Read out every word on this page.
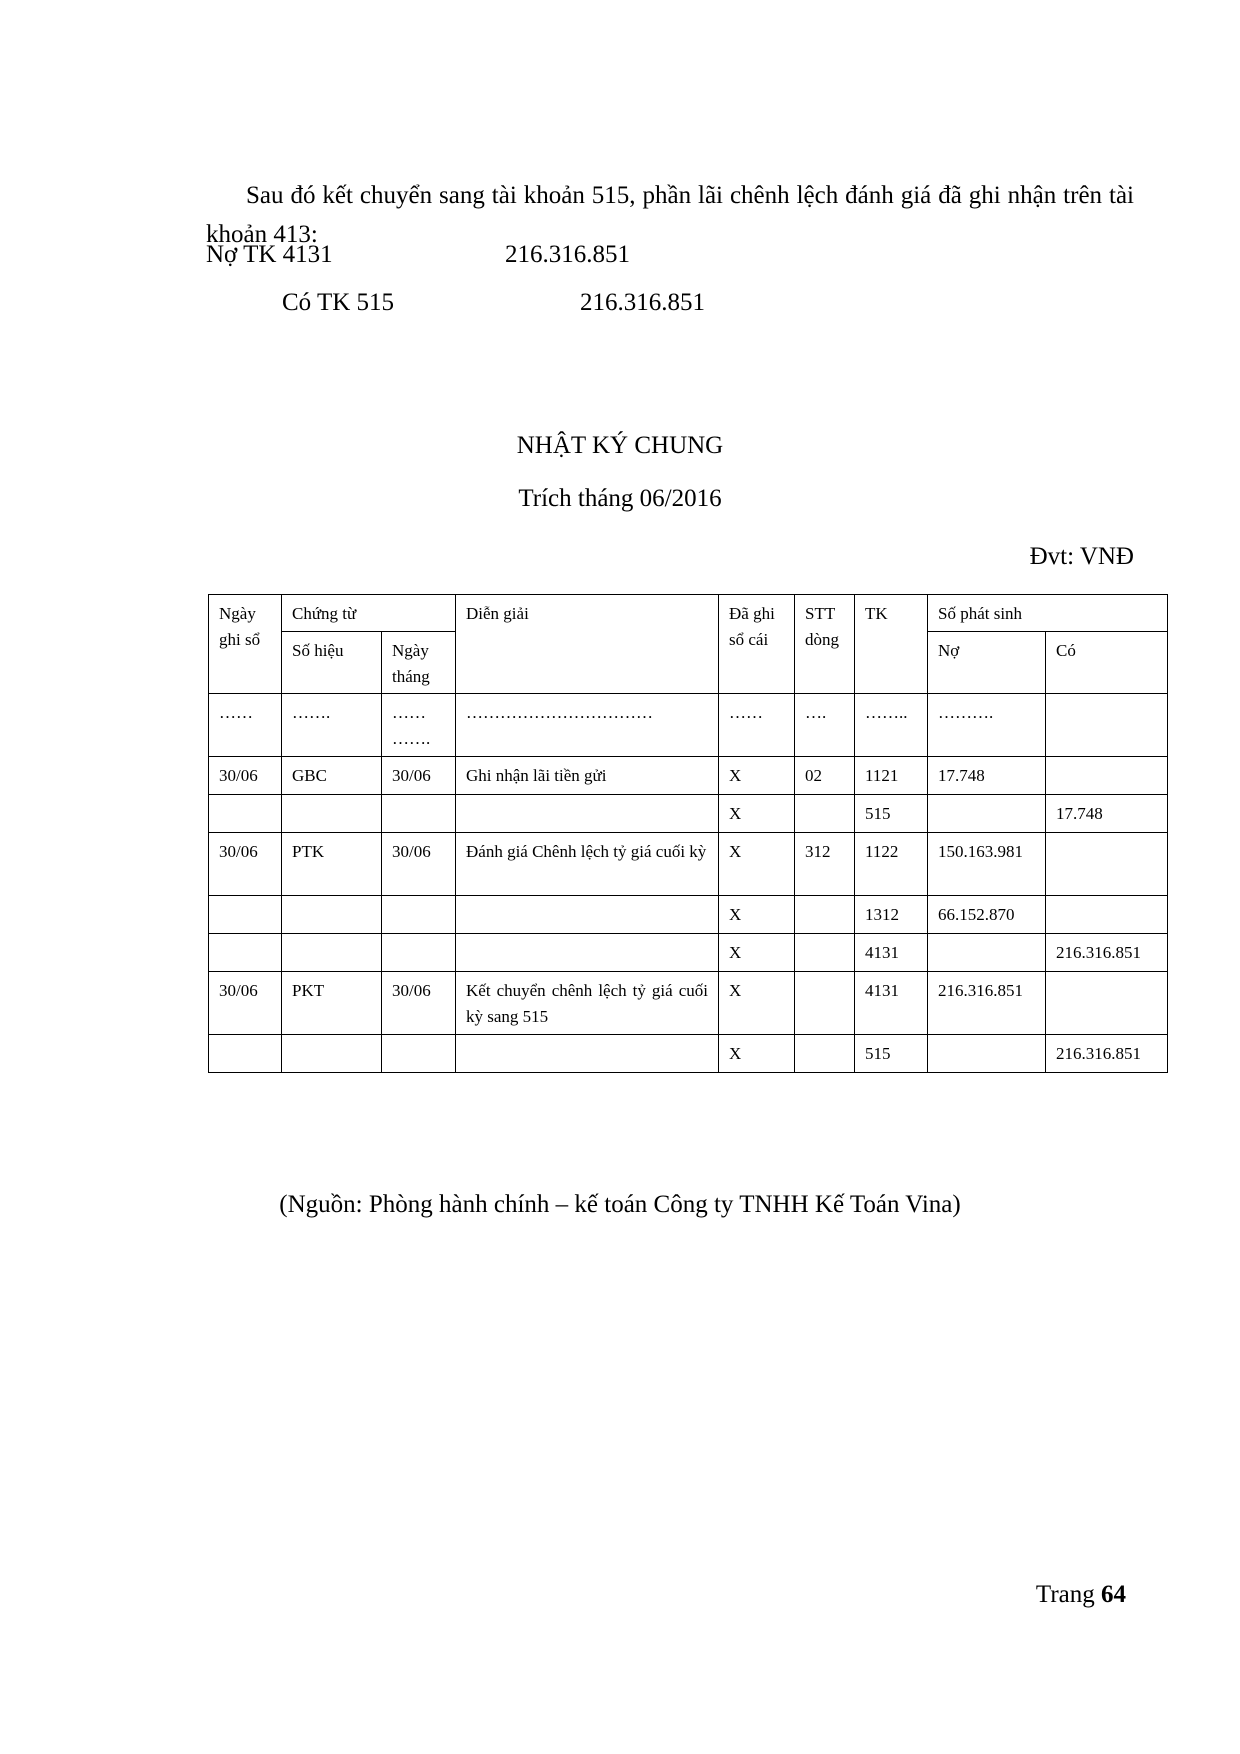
Sau đó kết chuyển sang tài khoản 515, phần lãi chênh lệch đánh giá đã ghi nhận trên tài khoản 413:

Nợ TK 4131	216.316.851
Có TK 515	216.316.851
NHẬT KÝ CHUNG
Trích tháng 06/2016
Đvt: VNĐ
Ngày ghi sổ	Chứng từ		Diễn giải	Đã ghi sổ cái	STT dòng	TK	Số phát sinh	
	Số hiệu	Ngày tháng					Nợ	Có
……	…….	…… …….	……………………………	……	….	……..	……….	
30/06	GBC	30/06	Ghi nhận lãi tiền gửi	X	02	1121	17.748	
				X		515		17.748
30/06	PTK	30/06	Đánh giá Chênh lệch tỷ giá cuối kỳ	X	312	1122	150.163.981	
				X		1312	66.152.870	
				X		4131		216.316.851
30/06	PKT	30/06	Kết chuyển chênh lệch tỷ giá cuối kỳ sang 515	X		4131	216.316.851	
				X		515		216.316.851
(Nguồn: Phòng hành chính – kế toán Công ty TNHH Kế Toán Vina)
Trang 64
